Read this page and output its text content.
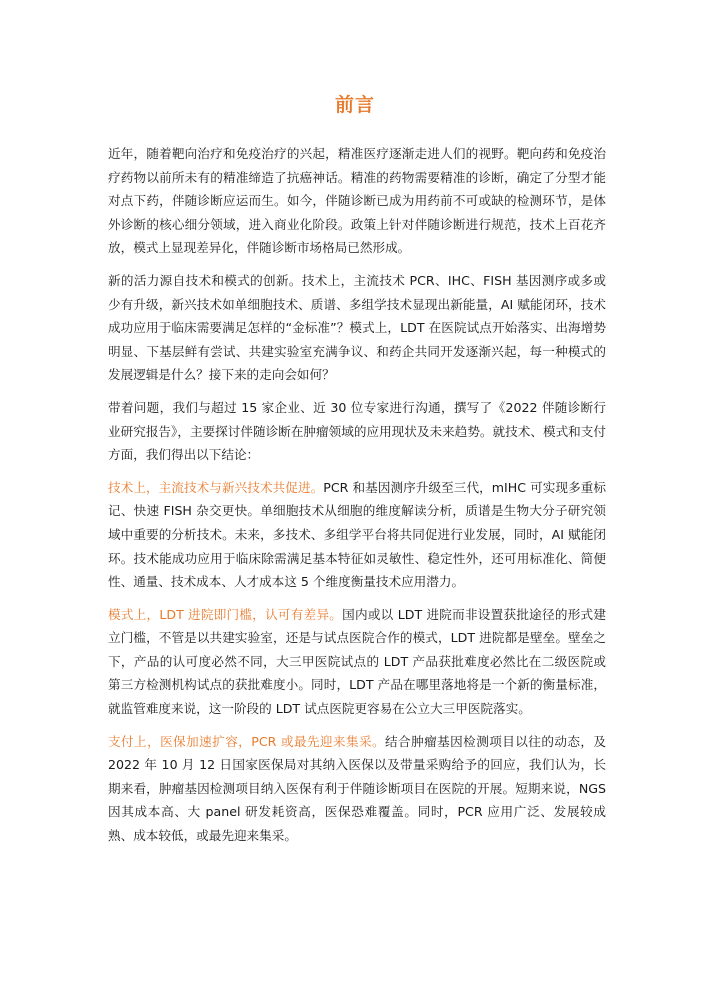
前言

近年，随着靶向治疗和免疫治疗的兴起，精准医疗逐渐走进人们的视野。靶向药和免疫治疗药物以前所未有的精准缔造了抗癌神话。精准的药物需要精准的诊断，确定了分型才能对点下药，伴随诊断应运而生。如今，伴随诊断已成为用药前不可或缺的检测环节，是体外诊断的核心细分领域，进入商业化阶段。政策上针对伴随诊断进行规范，技术上百花齐放，模式上显现差异化，伴随诊断市场格局已然形成。

新的活力源自技术和模式的创新。技术上，主流技术 PCR、IHC、FISH 基因测序或多或少有升级，新兴技术如单细胞技术、质谱、多组学技术显现出新能量，AI 赋能闭环，技术成功应用于临床需要满足怎样的“金标准”？模式上，LDT 在医院试点开始落实、出海增势明显、下基层鲜有尝试、共建实验室充满争议、和药企共同开发逐渐兴起，每一种模式的发展逻辑是什么？接下来的走向会如何？

带着问题，我们与超过 15 家企业、近 30 位专家进行沟通，撰写了《2022 伴随诊断行业研究报告》，主要探讨伴随诊断在肿瘤领域的应用现状及未来趋势。就技术、模式和支付方面，我们得出以下结论：

技术上，主流技术与新兴技术共促进。PCR 和基因测序升级至三代，mIHC 可实现多重标记、快速 FISH 杂交更快。单细胞技术从细胞的维度解读分析，质谱是生物大分子研究领域中重要的分析技术。未来，多技术、多组学平台将共同促进行业发展，同时，AI 赋能闭环。技术能成功应用于临床除需满足基本特征如灵敏性、稳定性外，还可用标准化、简便性、通量、技术成本、人才成本这 5 个维度衡量技术应用潜力。

模式上，LDT 进院即门槛，认可有差异。国内或以 LDT 进院而非设置获批途径的形式建立门槛，不管是以共建实验室，还是与试点医院合作的模式，LDT 进院都是壁垒。壁垒之下，产品的认可度必然不同，大三甲医院试点的 LDT 产品获批难度必然比在二级医院或第三方检测机构试点的获批难度小。同时，LDT 产品在哪里落地将是一个新的衡量标准，就监管难度来说，这一阶段的 LDT 试点医院更容易在公立大三甲医院落实。

支付上，医保加速扩容，PCR 或最先迎来集采。结合肿瘤基因检测项目以往的动态，及 2022 年 10 月 12 日国家医保局对其纳入医保以及带量采购给予的回应，我们认为，长期来看，肿瘤基因检测项目纳入医保有利于伴随诊断项目在医院的开展。短期来说，NGS 因其成本高、大 panel 研发耗资高，医保恐难覆盖。同时，PCR 应用广泛、发展较成熟、成本较低，或最先迎来集采。
